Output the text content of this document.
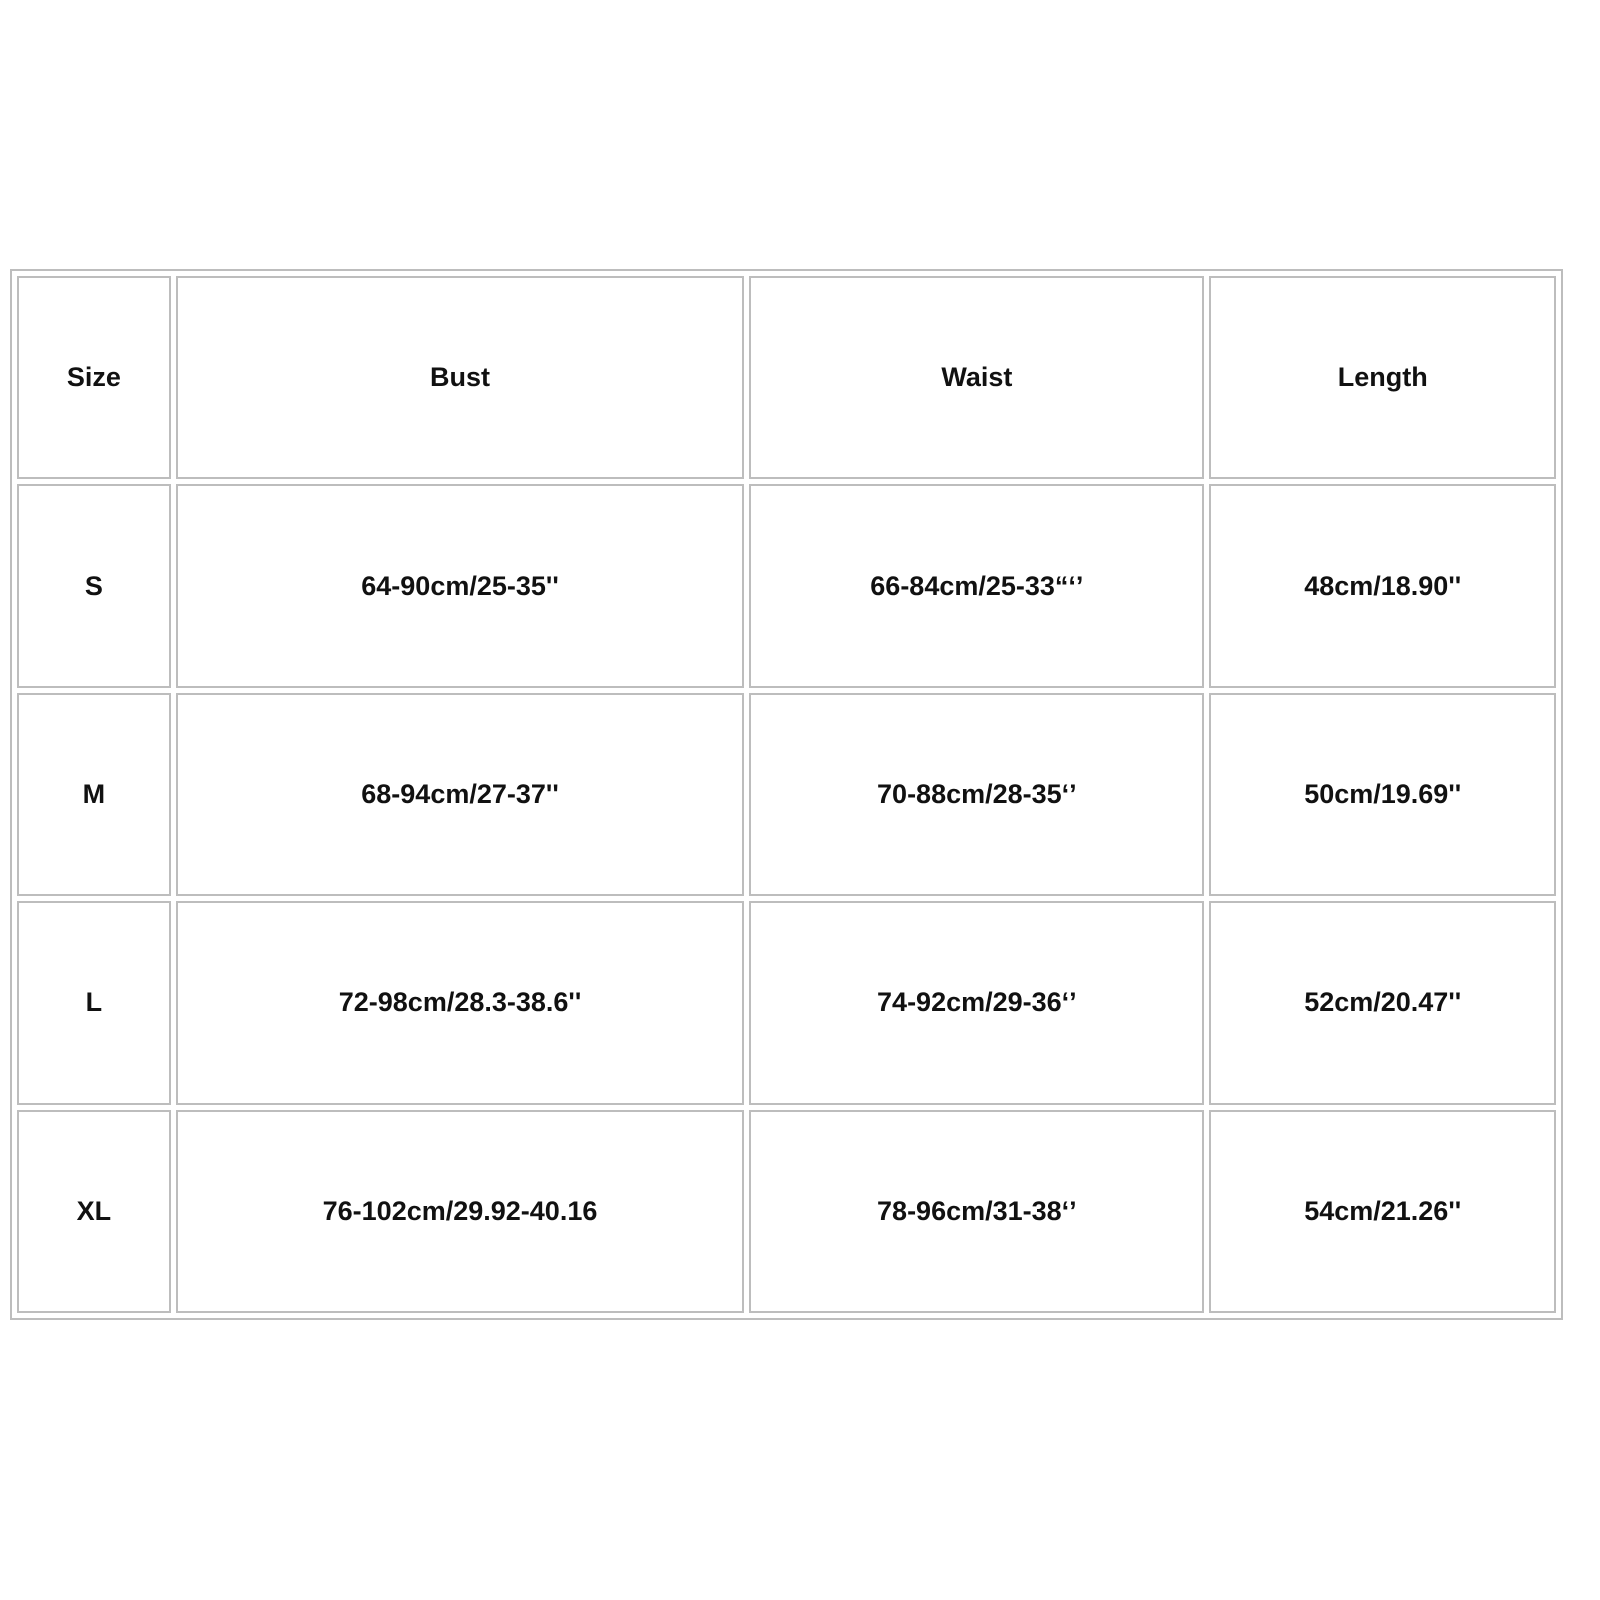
Size	Bust	Waist	Length
S	64-90cm/25-35''	66-84cm/25-33“‘’	48cm/18.90''
M	68-94cm/27-37''	70-88cm/28-35‘’	50cm/19.69''
L	72-98cm/28.3-38.6''	74-92cm/29-36‘’	52cm/20.47''
XL	76-102cm/29.92-40.16	78-96cm/31-38‘’	54cm/21.26''
